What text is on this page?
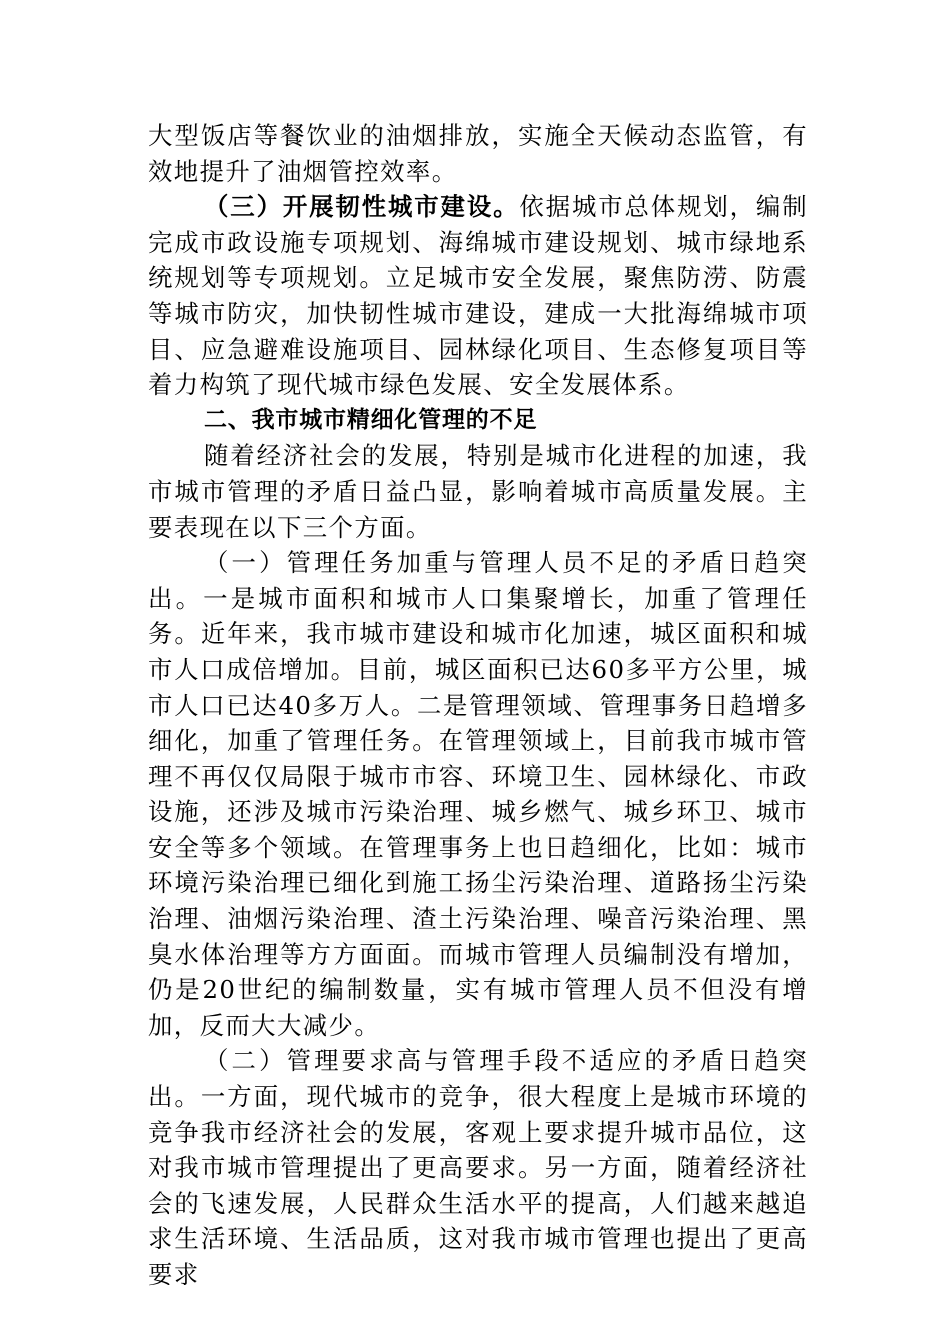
大型饭店等餐饮业的油烟排放，实施全天候动态监管，有效地提升了油烟管控效率。

（三）开展韧性城市建设。依据城市总体规划，编制完成市政设施专项规划、海绵城市建设规划、城市绿地系统规划等专项规划。立足城市安全发展，聚焦防涝、防震等城市防灾，加快韧性城市建设，建成一大批海绵城市项目、应急避难设施项目、园林绿化项目、生态修复项目等着力构筑了现代城市绿色发展、安全发展体系。

二、我市城市精细化管理的不足

随着经济社会的发展，特别是城市化进程的加速，我市城市管理的矛盾日益凸显，影响着城市高质量发展。主要表现在以下三个方面。

（一）管理任务加重与管理人员不足的矛盾日趋突出。一是城市面积和城市人口集聚增长，加重了管理任务。近年来，我市城市建设和城市化加速，城区面积和城市人口成倍增加。目前，城区面积已达60多平方公里，城市人口已达40多万人。二是管理领域、管理事务日趋增多细化，加重了管理任务。在管理领域上，目前我市城市管理不再仅仅局限于城市市容、环境卫生、园林绿化、市政设施，还涉及城市污染治理、城乡燃气、城乡环卫、城市安全等多个领域。在管理事务上也日趋细化，比如：城市环境污染治理已细化到施工扬尘污染治理、道路扬尘污染治理、油烟污染治理、渣土污染治理、噪音污染治理、黑臭水体治理等方方面面。而城市管理人员编制没有增加，仍是20世纪的编制数量，实有城市管理人员不但没有增加，反而大大减少。

（二）管理要求高与管理手段不适应的矛盾日趋突出。一方面，现代城市的竞争，很大程度上是城市环境的竞争我市经济社会的发展，客观上要求提升城市品位，这对我市城市管理提出了更高要求。另一方面，随着经济社会的飞速发展，人民群众生活水平的提高，人们越来越追求生活环境、生活品质，这对我市城市管理也提出了更高要求
